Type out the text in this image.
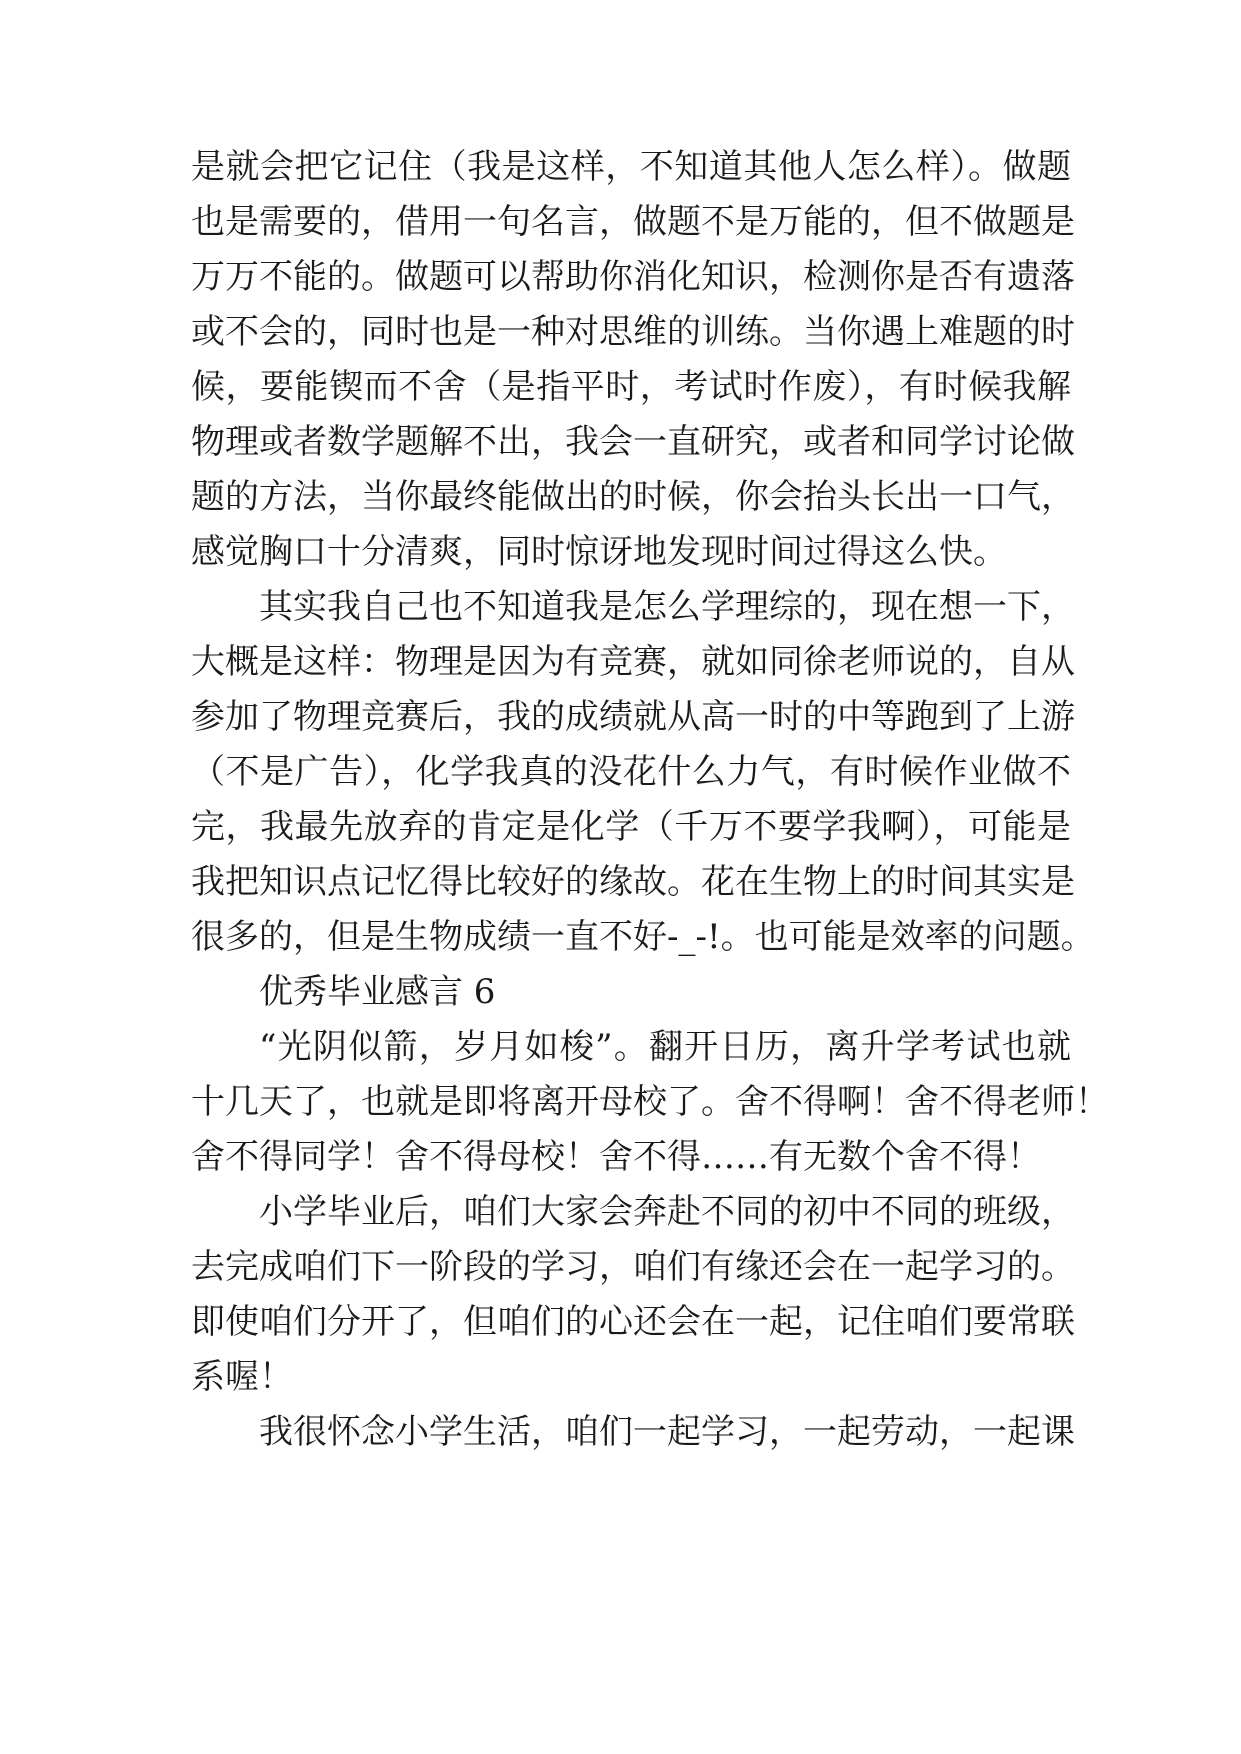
是就会把它记住（我是这样，不知道其他人怎么样）。做题
也是需要的，借用一句名言，做题不是万能的，但不做题是
万万不能的。做题可以帮助你消化知识，检测你是否有遗落
或不会的，同时也是一种对思维的训练。当你遇上难题的时
候，要能锲而不舍（是指平时，考试时作废），有时候我解
物理或者数学题解不出，我会一直研究，或者和同学讨论做
题的方法，当你最终能做出的时候，你会抬头长出一口气，
感觉胸口十分清爽，同时惊讶地发现时间过得这么快。
其实我自己也不知道我是怎么学理综的，现在想一下，
大概是这样：物理是因为有竞赛，就如同徐老师说的，自从
参加了物理竞赛后，我的成绩就从高一时的中等跑到了上游
（不是广告），化学我真的没花什么力气，有时候作业做不
完，我最先放弃的肯定是化学（千万不要学我啊），可能是
我把知识点记忆得比较好的缘故。花在生物上的时间其实是
很多的，但是生物成绩一直不好-_-!。也可能是效率的问题。
优秀毕业感言 6
“光阴似箭，岁月如梭”。翻开日历，离升学考试也就
十几天了，也就是即将离开母校了。舍不得啊！舍不得老师！
舍不得同学！舍不得母校！舍不得……有无数个舍不得！
小学毕业后，咱们大家会奔赴不同的初中不同的班级，
去完成咱们下一阶段的学习，咱们有缘还会在一起学习的。
即使咱们分开了，但咱们的心还会在一起，记住咱们要常联
系喔！
我很怀念小学生活，咱们一起学习，一起劳动，一起课
